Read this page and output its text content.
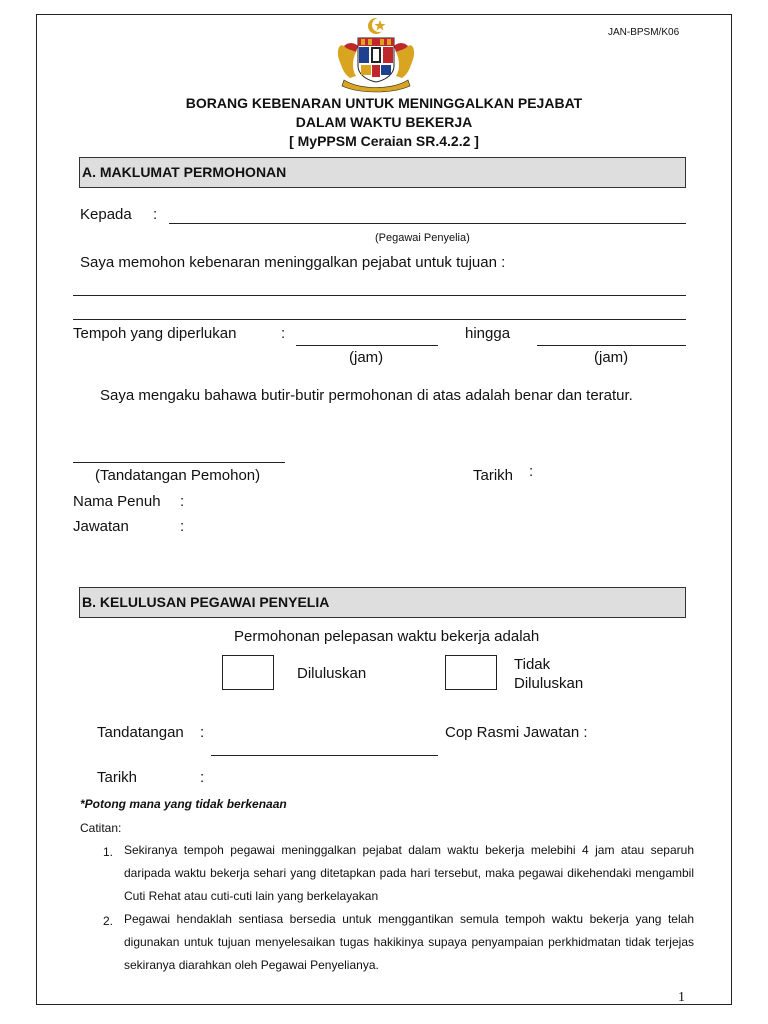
JAN-BPSM/K06
BORANG KEBENARAN UNTUK MENINGGALKAN PEJABAT
DALAM WAKTU BEKERJA
[ MyPPSM Ceraian SR.4.2.2 ]
A. MAKLUMAT PERMOHONAN
Kepada :
(Pegawai Penyelia)
Saya memohon kebenaran meninggalkan pejabat untuk tujuan :
Tempoh yang diperlukan	:	hingga
(jam)	(jam)
Saya mengaku bahawa butir-butir permohonan di atas adalah benar dan teratur.
(Tandatangan Pemohon)	Tarikh :
Nama Penuh :
Jawatan	:
B. KELULUSAN PEGAWAI PENYELIA
Permohonan pelepasan waktu bekerja adalah
Diluluskan
Tidak
Diluluskan
Tandatangan :	Cop Rasmi Jawatan :
Tarikh	:
*Potong mana yang tidak berkenaan
Catitan:
1. Sekiranya tempoh pegawai meninggalkan pejabat dalam waktu bekerja melebihi 4 jam atau separuh daripada waktu bekerja sehari yang ditetapkan pada hari tersebut, maka pegawai dikehendaki mengambil Cuti Rehat atau cuti-cuti lain yang berkelayakan
2. Pegawai hendaklah sentiasa bersedia untuk menggantikan semula tempoh waktu bekerja yang telah digunakan untuk tujuan menyelesaikan tugas hakikinya supaya penyampaian perkhidmatan tidak terjejas sekiranya diarahkan oleh Pegawai Penyelianya.
1
